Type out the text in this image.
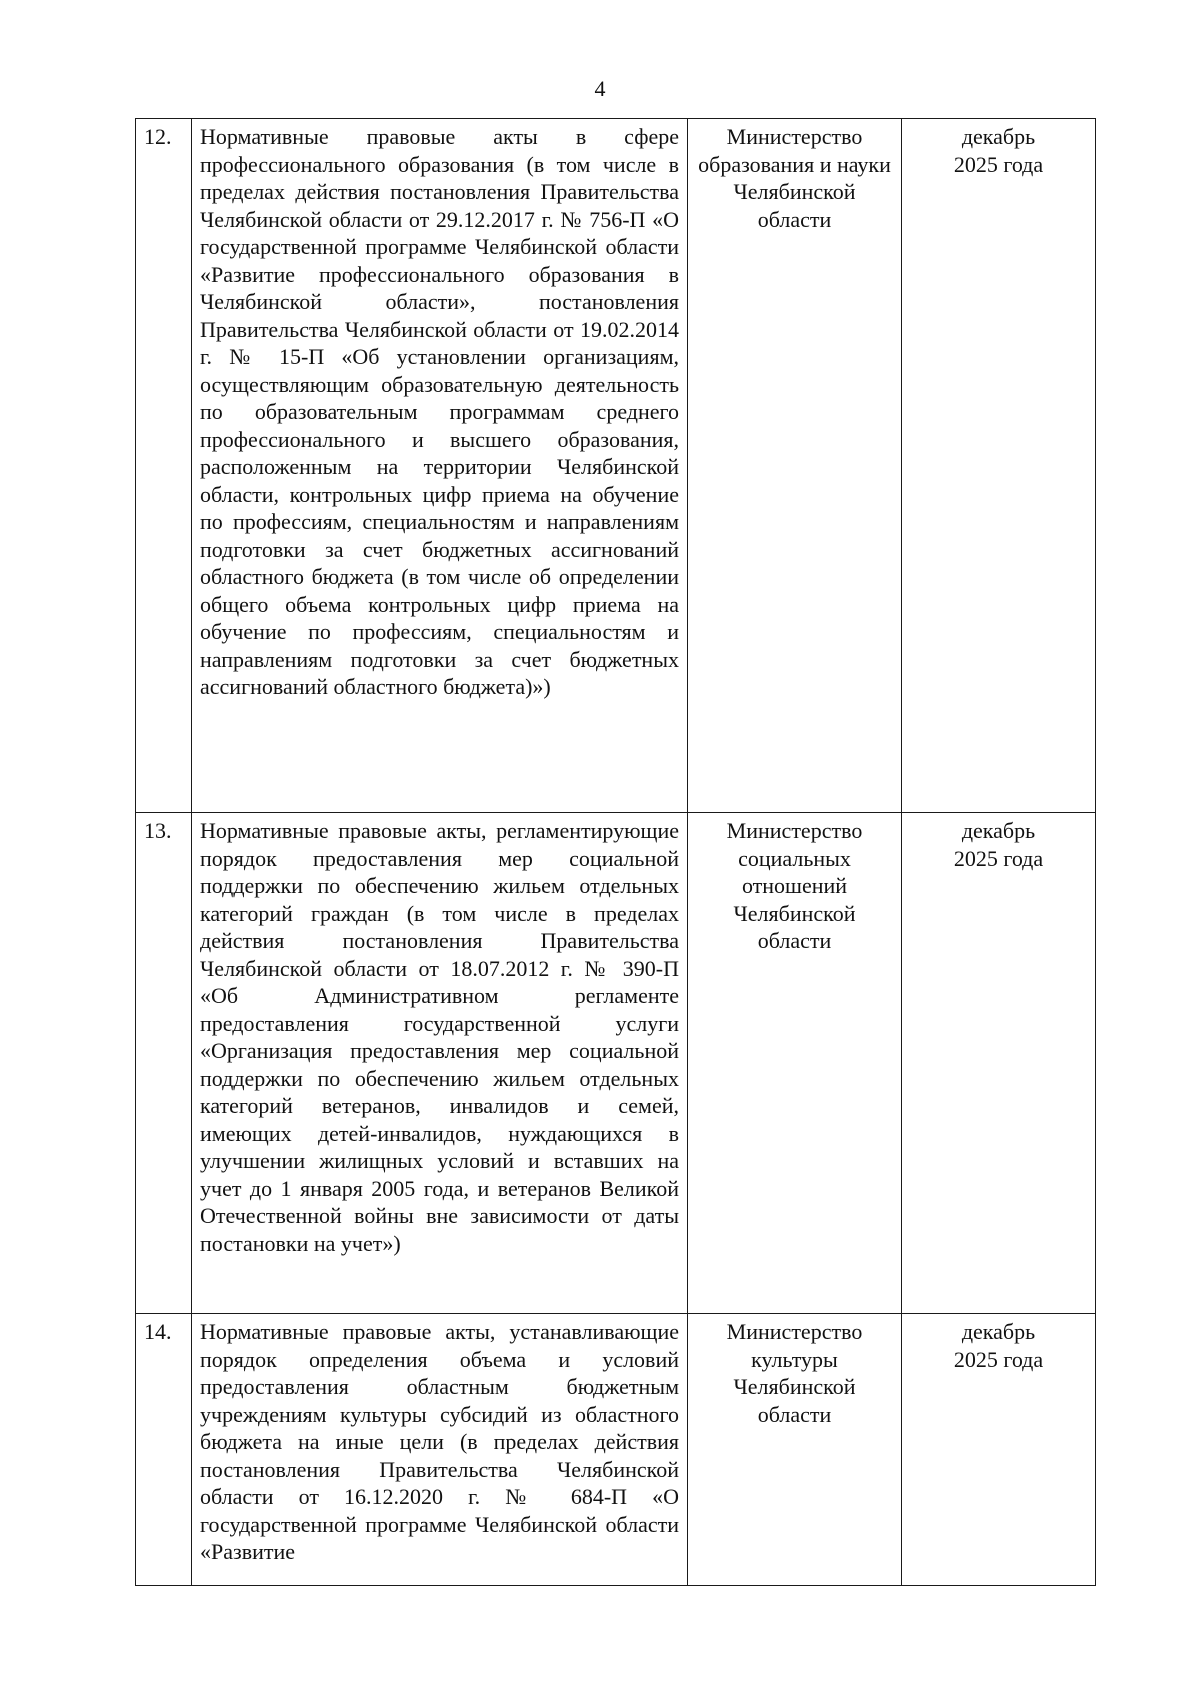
4
12.	Нормативные правовые акты в сфере профессионального образования (в том числе в пределах действия постановления Правительства Челябинской области от 29.12.2017 г. № 756-П «О государственной программе Челябинской области «Развитие профессионального образования в Челябинской области», постановления Правительства Челябинской области от 19.02.2014 г. № 15-П «Об установлении организациям, осуществляющим образовательную деятельность по образовательным программам среднего профессионального и высшего образования, расположенным на территории Челябинской области, контрольных цифр приема на обучение по профессиям, специальностям и направлениям подготовки за счет бюджетных ассигнований областного бюджета (в том числе об определении общего объема контрольных цифр приема на обучение по профессиям, специальностям и направлениям подготовки за счет бюджетных ассигнований областного бюджета)»)	Министерство образования и науки Челябинской области	декабрь
2025 года

13.	Нормативные правовые акты, регламентирующие порядок предоставления мер социальной поддержки по обеспечению жильем отдельных категорий граждан (в том числе в пределах действия постановления Правительства Челябинской области от 18.07.2012 г. № 390-П «Об Административном регламенте предоставления государственной услуги «Организация предоставления мер социальной поддержки по обеспечению жильем отдельных категорий ветеранов, инвалидов и семей, имеющих детей-инвалидов, нуждающихся в улучшении жилищных условий и вставших на учет до 1 января 2005 года, и ветеранов Великой Отечественной войны вне зависимости от даты постановки на учет»)	Министерство социальных отношений Челябинской области	декабрь
2025 года

14.	Нормативные правовые акты, устанавливающие порядок определения объема и условий предоставления областным бюджетным учреждениям культуры субсидий из областного бюджета на иные цели (в пределах действия постановления Правительства Челябинской области от 16.12.2020 г. № 684-П «О государственной программе Челябинской области «Развитие	Министерство культуры Челябинской области	декабрь
2025 года
